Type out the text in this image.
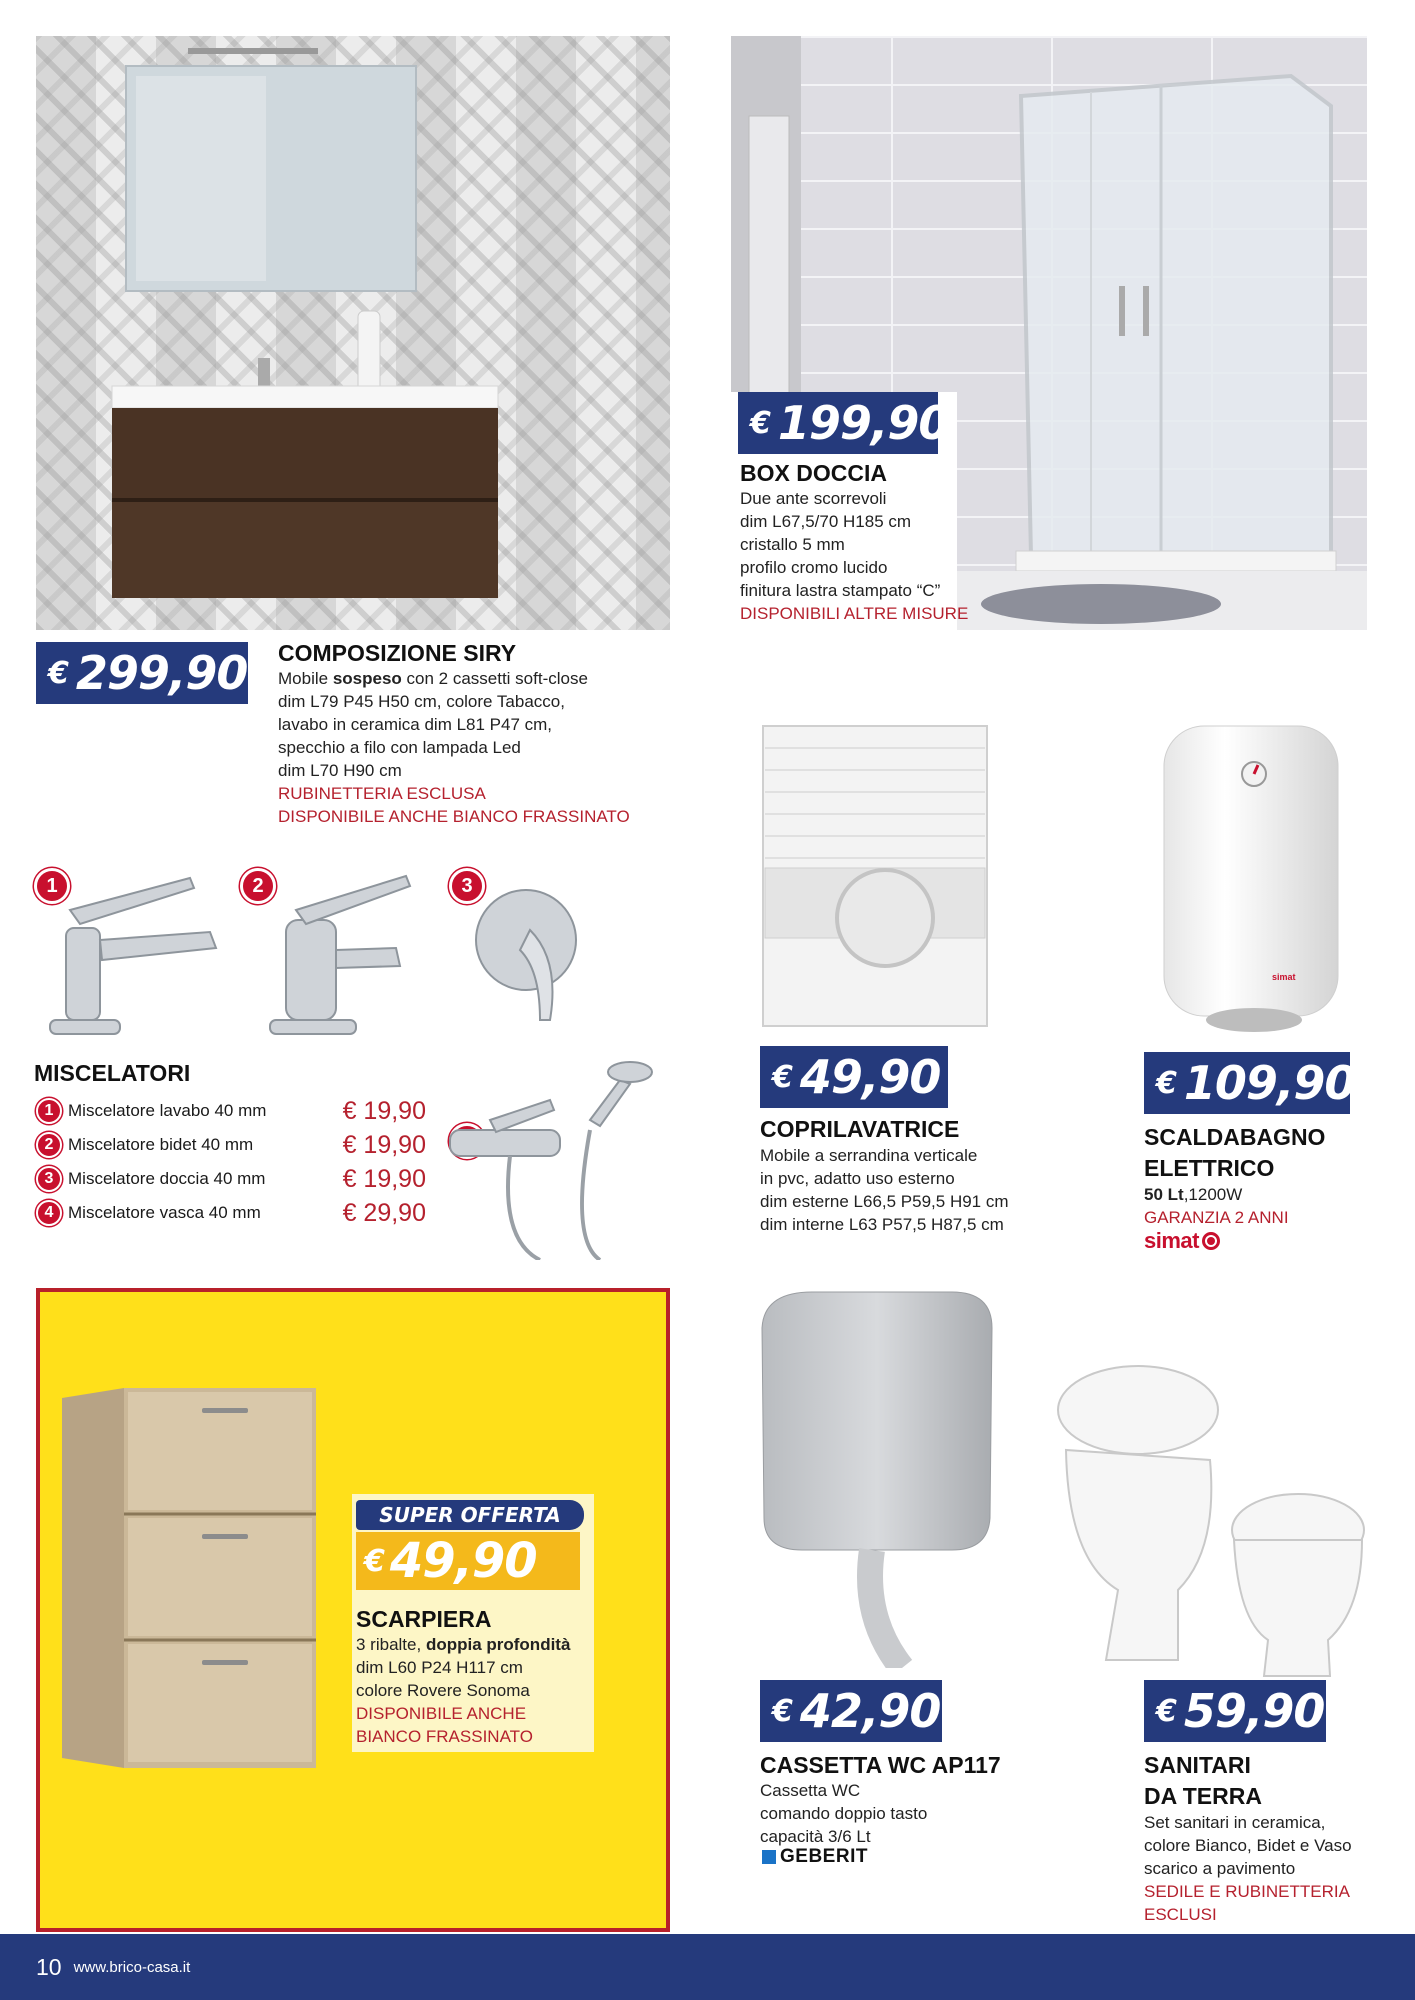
€ 299,90 COMPOSIZIONE SIRY
Mobile sospeso con 2 cassetti soft-close
dim L79 P45 H50 cm, colore Tabacco,
lavabo in ceramica dim L81 P47 cm,
specchio a filo con lampada Led
dim L70 H90 cm
RUBINETTERIA ESCLUSA
DISPONIBILE ANCHE BIANCO FRASSINATO
€ 199,90
BOX DOCCIA
Due ante scorrevoli
dim L67,5/70 H185 cm
cristallo 5 mm
profilo cromo lucido
finitura lastra stampato “C”
DISPONIBILI ALTRE MISURE
1	2	3
MISCELATORI
1 Miscelatore lavabo 40 mm	€ 19,90
2 Miscelatore bidet 40 mm	€ 19,90
3 Miscelatore doccia 40 mm	€ 19,90
4 Miscelatore vasca 40 mm	€ 29,90
€ 49,90
COPRILAVATRICE
Mobile a serrandina verticale
in pvc, adatto uso esterno
dim esterne L66,5 P59,5 H91 cm
dim interne L63 P57,5 H87,5 cm
simat
€ 109,90
SCALDABAGNO
ELETTRICO
50 Lt,1200W
GARANZIA 2 ANNI
simat
SUPER OFFERTA
€ 49,90
SCARPIERA
3 ribalte, doppia profondità
dim L60 P24 H117 cm
colore Rovere Sonoma
DISPONIBILE ANCHE
BIANCO FRASSINATO
€ 42,90
CASSETTA WC AP117
Cassetta WC
comando doppio tasto
capacità 3/6 Lt
GEBERIT
€ 59,90
SANITARI
DA TERRA
Set sanitari in ceramica,
colore Bianco, Bidet e Vaso
scarico a pavimento
SEDILE E RUBINETTERIA
ESCLUSI
10 www.brico-casa.it
